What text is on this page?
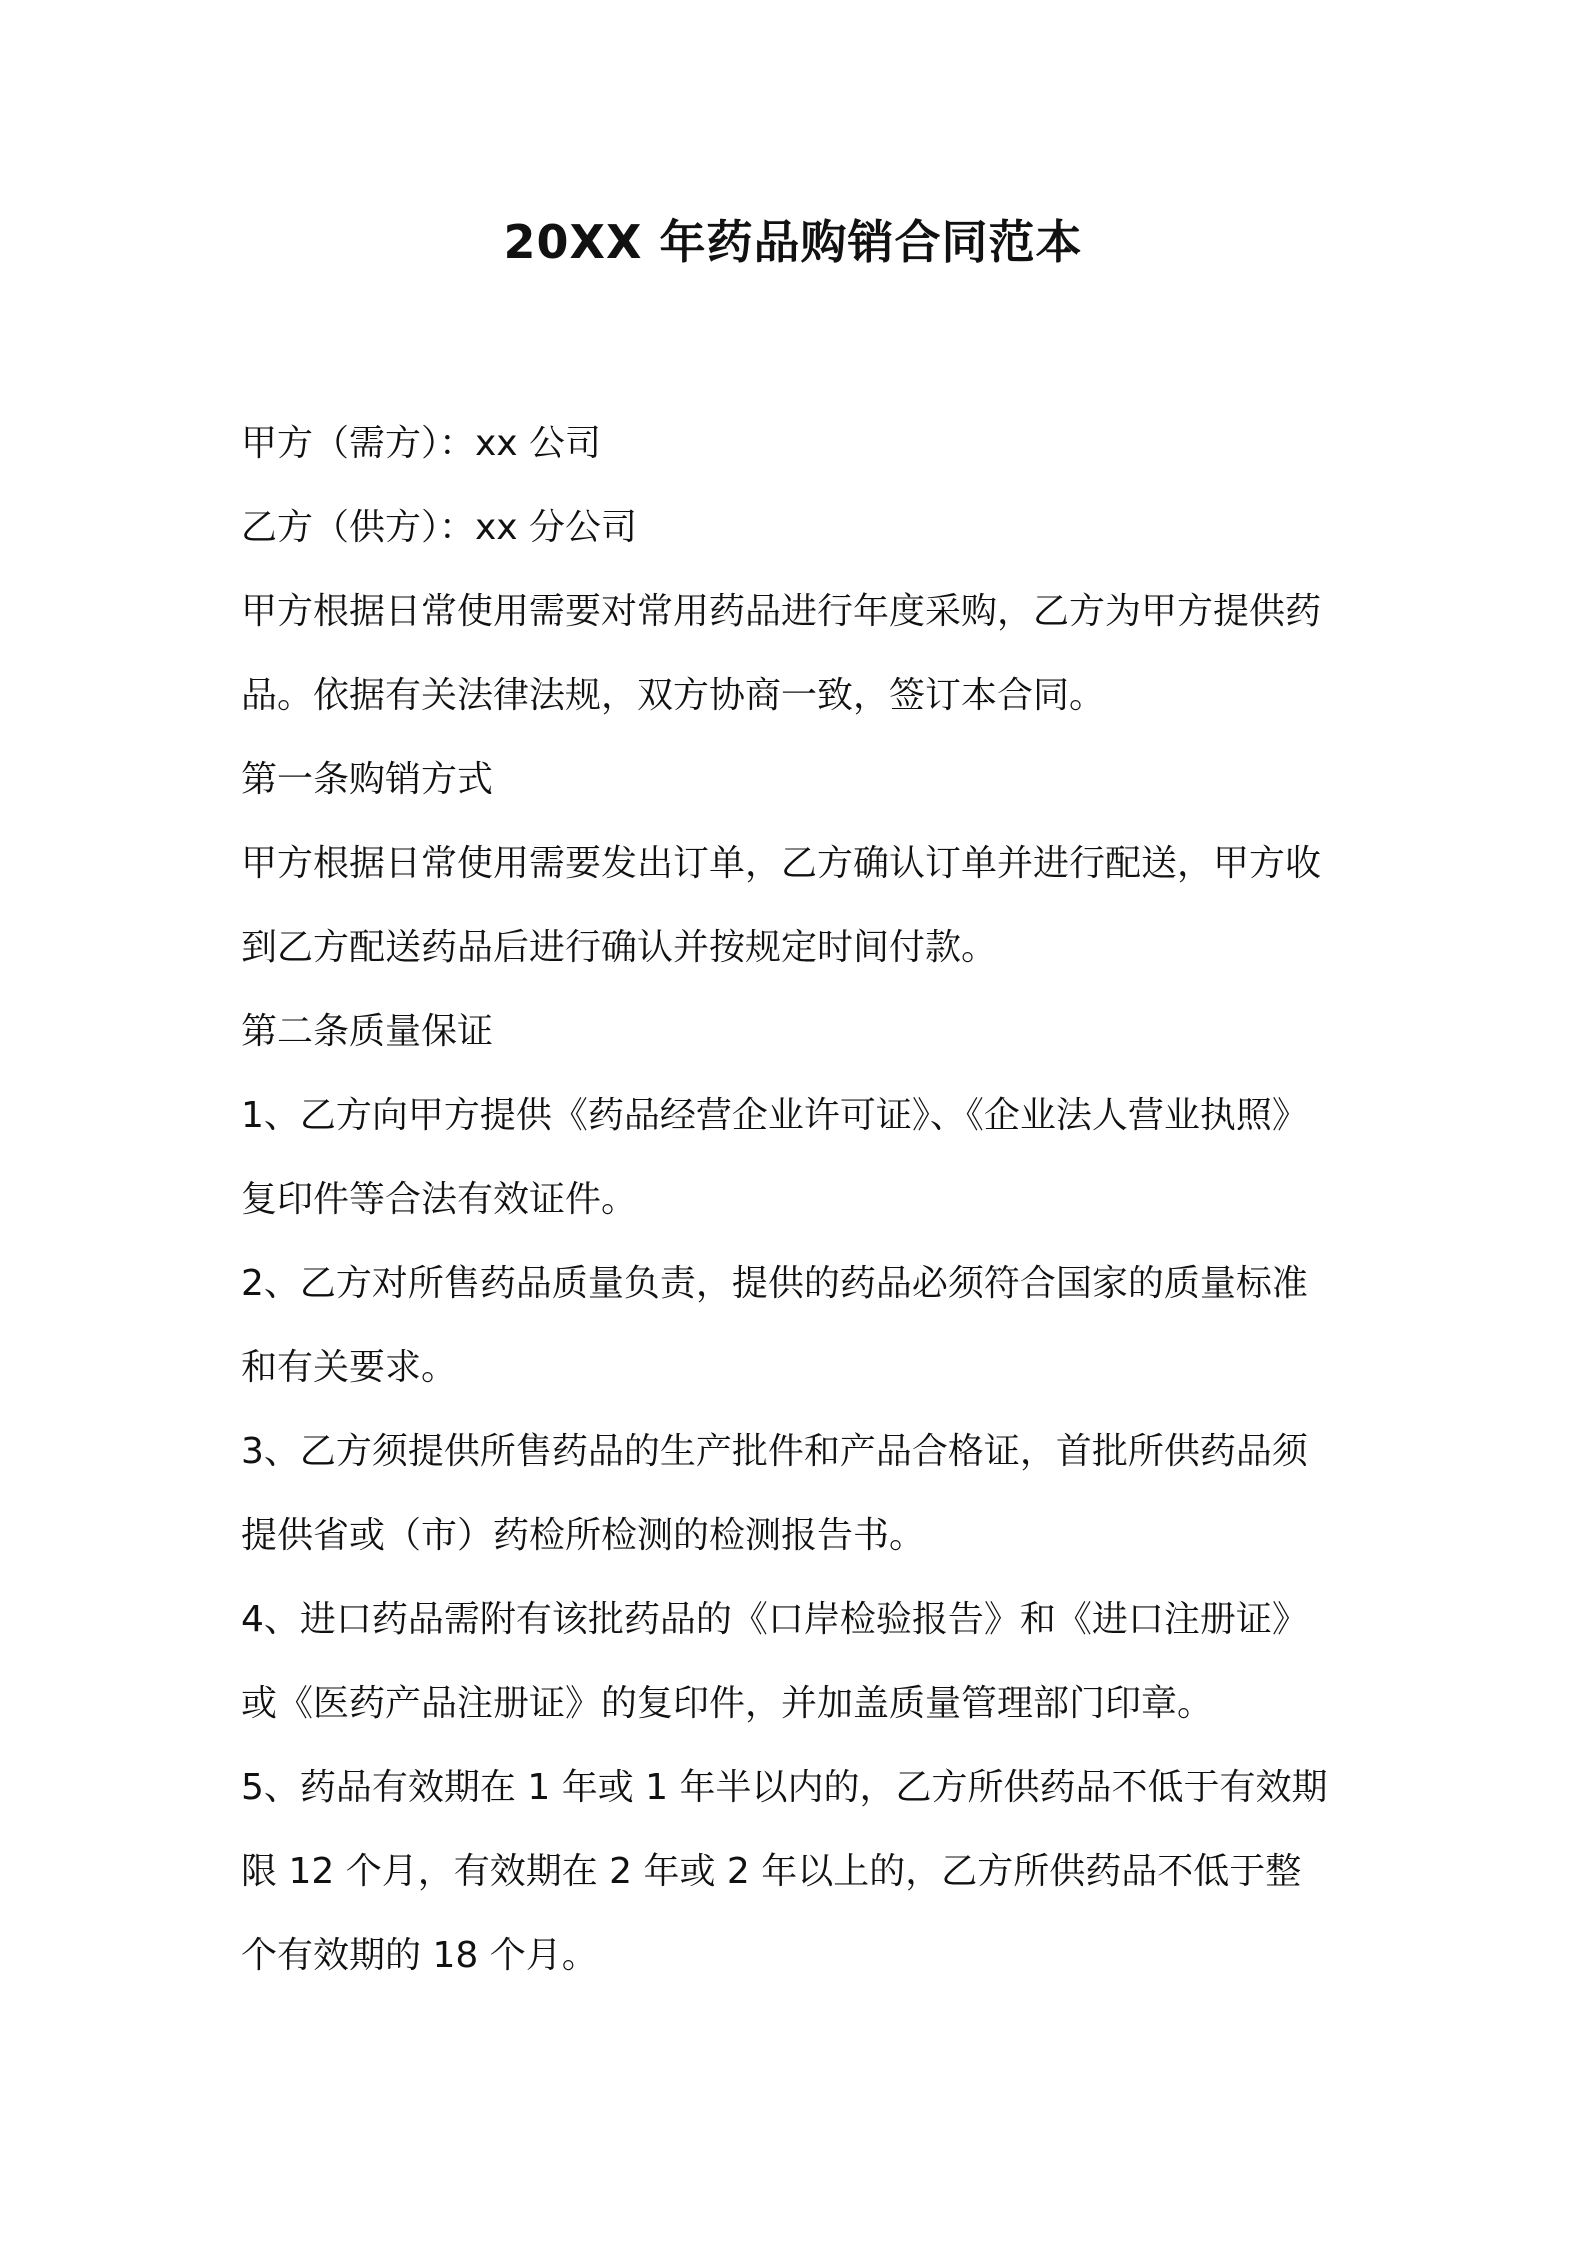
20XX 年药品购销合同范本
甲方（需方）：xx 公司
乙方（供方）：xx 分公司
甲方根据日常使用需要对常用药品进行年度采购，乙方为甲方提供药
品。依据有关法律法规，双方协商一致，签订本合同。
第一条购销方式
甲方根据日常使用需要发出订单，乙方确认订单并进行配送，甲方收
到乙方配送药品后进行确认并按规定时间付款。
第二条质量保证
1、乙方向甲方提供《药品经营企业许可证》、《企业法人营业执照》
复印件等合法有效证件。
2、乙方对所售药品质量负责，提供的药品必须符合国家的质量标准
和有关要求。
3、乙方须提供所售药品的生产批件和产品合格证，首批所供药品须
提供省或（市）药检所检测的检测报告书。
4、进口药品需附有该批药品的《口岸检验报告》和《进口注册证》
或《医药产品注册证》的复印件，并加盖质量管理部门印章。
5、药品有效期在 1 年或 1 年半以内的，乙方所供药品不低于有效期
限 12 个月，有效期在 2 年或 2 年以上的，乙方所供药品不低于整
个有效期的 18 个月。
